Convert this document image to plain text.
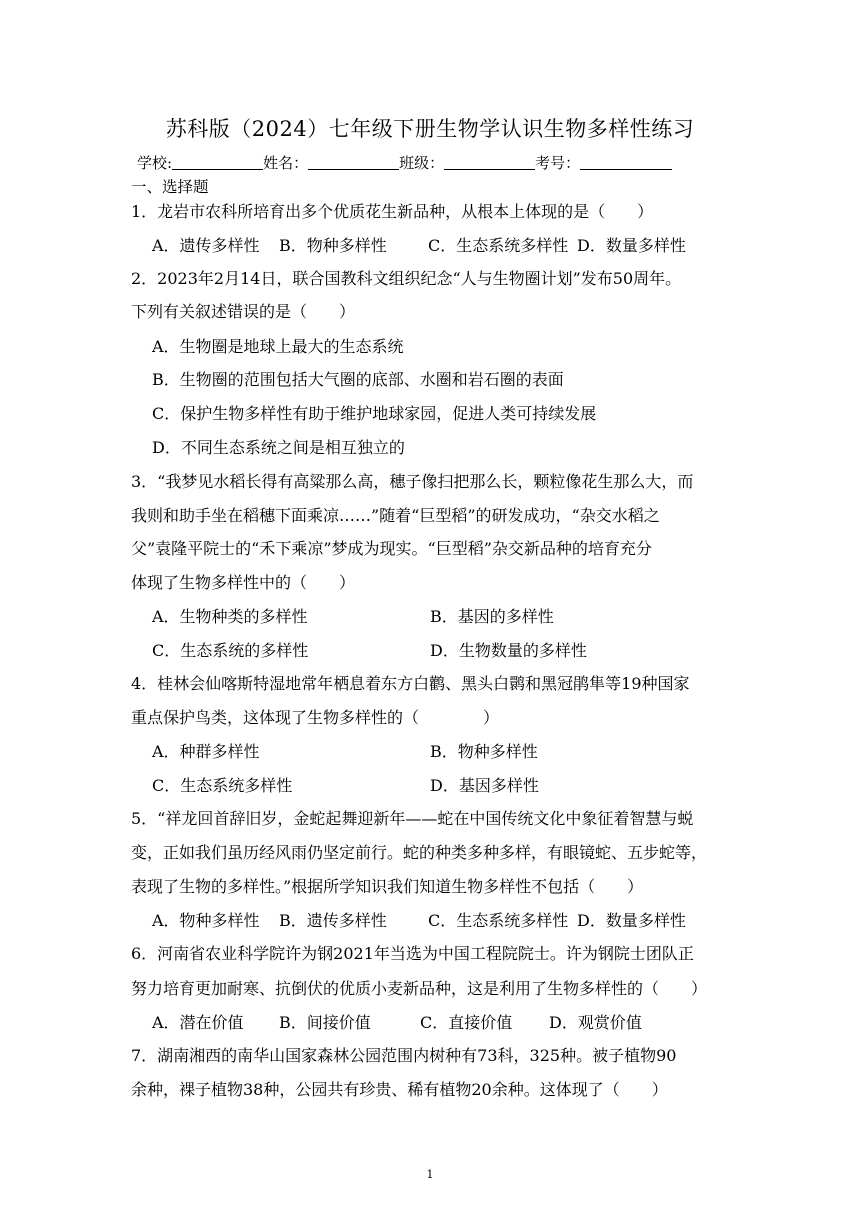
苏科版（2024）七年级下册生物学认识生物多样性练习
学校:	姓名：	班级：	考号：
一、选择题
1．龙岩市农科所培育出多个优质花生新品种，从根本上体现的是（　　）
A．遗传多样性 B．物种多样性	C．生态系统多样性 D．数量多样性
2．2023年2月14日，联合国教科文组织纪念“人与生物圈计划”发布50周年。
下列有关叙述错误的是（　　）
A．生物圈是地球上最大的生态系统
B．生物圈的范围包括大气圈的底部、水圈和岩石圈的表面
C．保护生物多样性有助于维护地球家园，促进人类可持续发展
D．不同生态系统之间是相互独立的
3．“我梦见水稻长得有高粱那么高，穗子像扫把那么长，颗粒像花生那么大，而
我则和助手坐在稻穗下面乘凉……”随着“巨型稻”的研发成功，“杂交水稻之
父”袁隆平院士的“禾下乘凉”梦成为现实。“巨型稻”杂交新品种的培育充分
体现了生物多样性中的（　　）
A．生物种类的多样性	B．基因的多样性
C．生态系统的多样性	D．生物数量的多样性
4．桂林会仙喀斯特湿地常年栖息着东方白鹳、黑头白鹮和黑冠鹃隼等19种国家
重点保护鸟类，这体现了生物多样性的（　　　　）
A．种群多样性	B．物种多样性
C．生态系统多样性	D．基因多样性
5．“祥龙回首辞旧岁，金蛇起舞迎新年——蛇在中国传统文化中象征着智慧与蜕
变，正如我们虽历经风雨仍坚定前行。蛇的种类多种多样，有眼镜蛇、五步蛇等，
表现了生物的多样性。”根据所学知识我们知道生物多样性不包括（　　）
A．物种多样性 B．遗传多样性	C．生态系统多样性 D．数量多样性
6．河南省农业科学院许为钢2021年当选为中国工程院院士。许为钢院士团队正
努力培育更加耐寒、抗倒伏的优质小麦新品种，这是利用了生物多样性的（　　）
A．潜在价值 B．间接价值	C．直接价值 D．观赏价值
7．湖南湘西的南华山国家森林公园范围内树种有73科，325种。被子植物90
余种，裸子植物38种，公园共有珍贵、稀有植物20余种。这体现了（　　）
1
